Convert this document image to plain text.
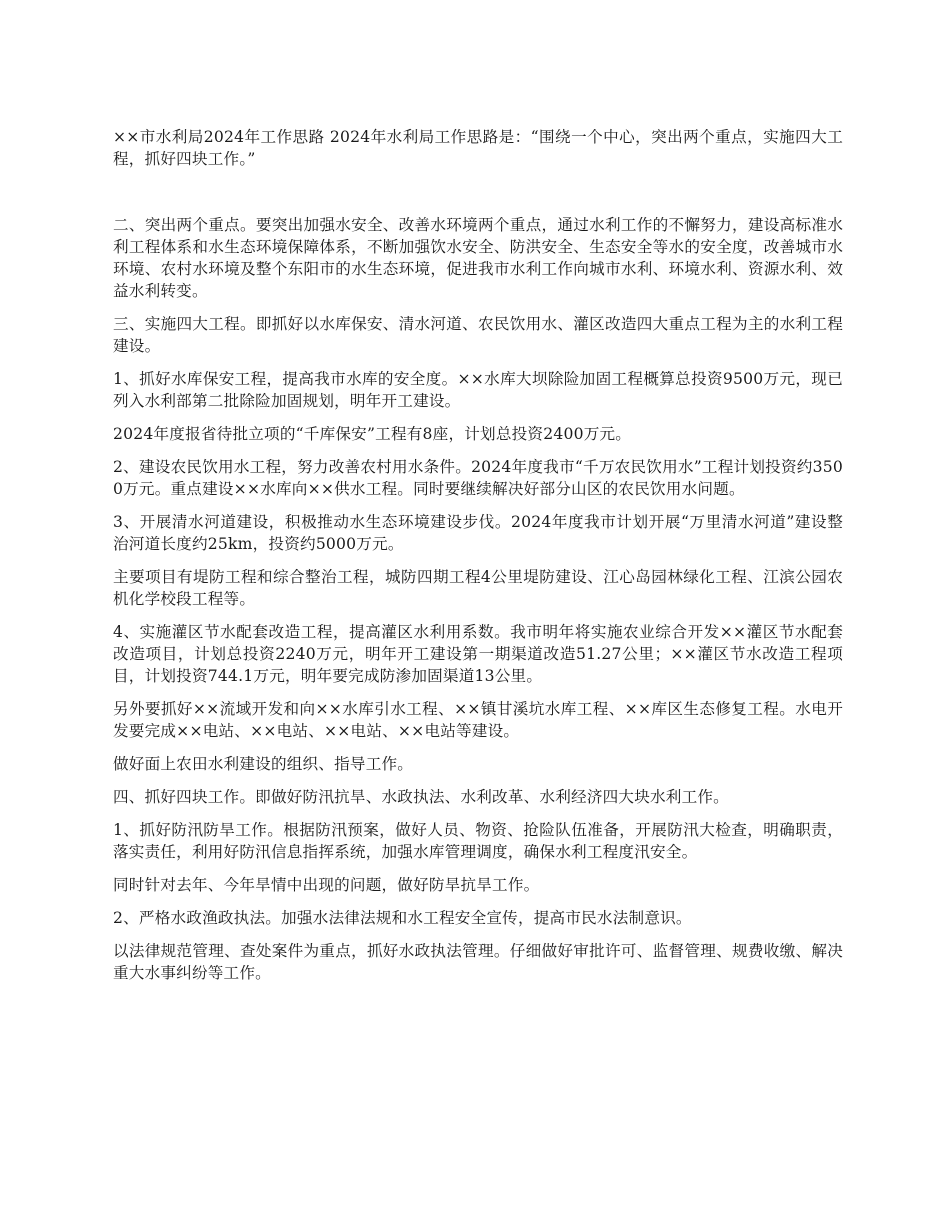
××市水利局2024年工作思路 2024年水利局工作思路是：“围绕一个中心，突出两个重点，实施四大工程，抓好四块工作。”

二、突出两个重点。要突出加强水安全、改善水环境两个重点，通过水利工作的不懈努力，建设高标准水利工程体系和水生态环境保障体系，不断加强饮水安全、防洪安全、生态安全等水的安全度，改善城市水环境、农村水环境及整个东阳市的水生态环境，促进我市水利工作向城市水利、环境水利、资源水利、效益水利转变。

三、实施四大工程。即抓好以水库保安、清水河道、农民饮用水、灌区改造四大重点工程为主的水利工程建设。

1、抓好水库保安工程，提高我市水库的安全度。××水库大坝除险加固工程概算总投资9500万元，现已列入水利部第二批除险加固规划，明年开工建设。

2024年度报省待批立项的“千库保安”工程有8座，计划总投资2400万元。

2、建设农民饮用水工程，努力改善农村用水条件。2024年度我市“千万农民饮用水”工程计划投资约3500万元。重点建设××水库向××供水工程。同时要继续解决好部分山区的农民饮用水问题。

3、开展清水河道建设，积极推动水生态环境建设步伐。2024年度我市计划开展“万里清水河道”建设整治河道长度约25km，投资约5000万元。

主要项目有堤防工程和综合整治工程，城防四期工程4公里堤防建设、江心岛园林绿化工程、江滨公园农机化学校段工程等。

4、实施灌区节水配套改造工程，提高灌区水利用系数。我市明年将实施农业综合开发××灌区节水配套改造项目，计划总投资2240万元，明年开工建设第一期渠道改造51.27公里；××灌区节水改造工程项目，计划投资744.1万元，明年要完成防渗加固渠道13公里。

另外要抓好××流域开发和向××水库引水工程、××镇甘溪坑水库工程、××库区生态修复工程。水电开发要完成××电站、××电站、××电站、××电站等建设。

做好面上农田水利建设的组织、指导工作。

四、抓好四块工作。即做好防汛抗旱、水政执法、水利改革、水利经济四大块水利工作。

1、抓好防汛防旱工作。根据防汛预案，做好人员、物资、抢险队伍准备，开展防汛大检查，明确职责，落实责任，利用好防汛信息指挥系统，加强水库管理调度，确保水利工程度汛安全。

同时针对去年、今年旱情中出现的问题，做好防旱抗旱工作。

2、严格水政渔政执法。加强水法律法规和水工程安全宣传，提高市民水法制意识。

以法律规范管理、查处案件为重点，抓好水政执法管理。仔细做好审批许可、监督管理、规费收缴、解决重大水事纠纷等工作。
